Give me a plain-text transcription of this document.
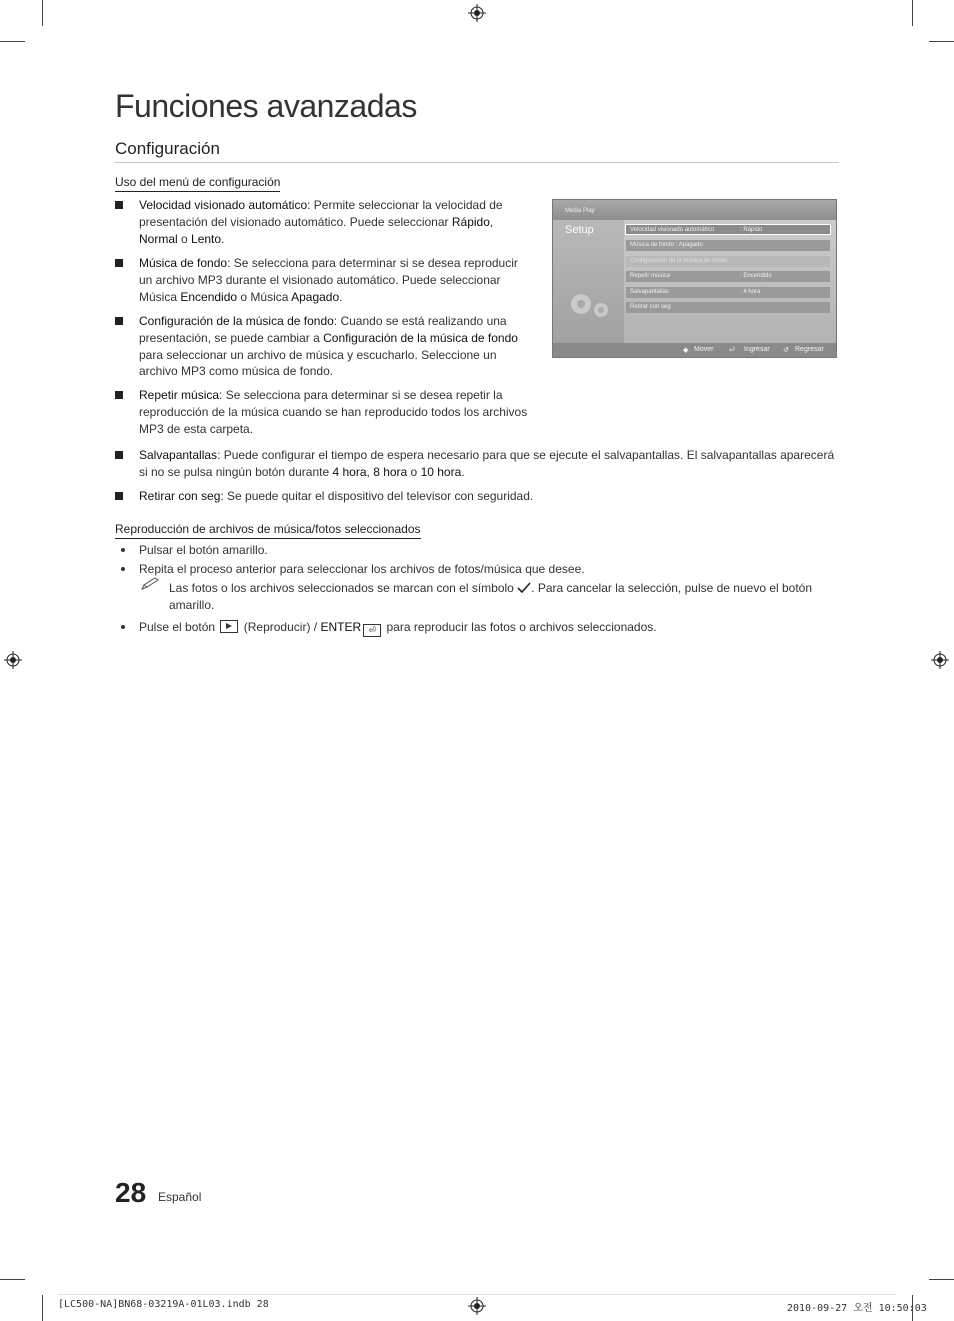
Funciones avanzadas
Configuración

Uso del menú de configuración

Velocidad visionado automático: Permite seleccionar la velocidad de presentación del visionado automático. Puede seleccionar Rápido, Normal o Lento.

Música de fondo: Se selecciona para determinar si se desea reproducir un archivo MP3 durante el visionado automático. Puede seleccionar Música Encendido o Música Apagado.

Configuración de la música de fondo: Cuando se está realizando una presentación, se puede cambiar a Configuración de la música de fondo para seleccionar un archivo de música y escucharlo. Seleccione un archivo MP3 como música de fondo.

Repetir música: Se selecciona para determinar si se desea repetir la reproducción de la música cuando se han reproducido todos los archivos MP3 de esta carpeta.

Salvapantallas: Puede configurar el tiempo de espera necesario para que se ejecute el salvapantallas. El salvapantallas aparecerá si no se pulsa ningún botón durante 4 hora, 8 hora o 10 hora.

Retirar con seg: Se puede quitar el dispositivo del televisor con seguridad.

Media Play
Setup	Velocidad visionado automático	: Rápido
Música de fondo : Apagado
Configuración de la música de fondo
Repetir música	: Encendido
Salvapantallas	: 4 hora
Retirar con seg
◆ Mover ⏎ Ingresar ↺ Regresar

Reproducción de archivos de música/fotos seleccionados

Pulsar el botón amarillo.

Repita el proceso anterior para seleccionar los archivos de fotos/música que desee.

Las fotos o los archivos seleccionados se marcan con el símbolo . Para cancelar la selección, pulse de nuevo el botón amarillo.

Pulse el botón (Reproducir) / ENTER ⏎ para reproducir las fotos o archivos seleccionados.

28 Español
[LC500-NA]BN68-03219A-01L03.indb 28	2010-09-27 오전 10:50:03
